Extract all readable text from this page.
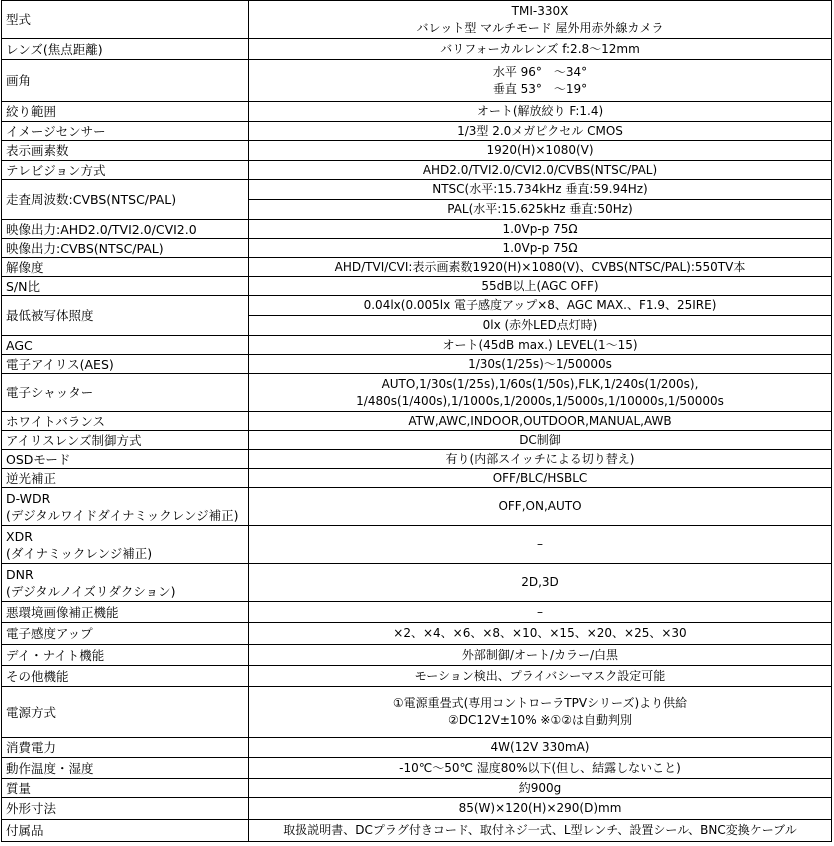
型式	TMI-330X
バレット型 マルチモード 屋外用赤外線カメラ

レンズ(焦点距離)	バリフォーカルレンズ f:2.8～12mm

画角	水平 96°　～34°
垂直 53°　～19°

絞り範囲	オート(解放絞り F:1.4)

イメージセンサー	1/3型 2.0メガピクセル CMOS

表示画素数	1920(H)×1080(V)

テレビジョン方式	AHD2.0/TVI2.0/CVI2.0/CVBS(NTSC/PAL)

走査周波数:CVBS(NTSC/PAL)	NTSC(水平:15.734kHz 垂直:59.94Hz)

	PAL(水平:15.625kHz 垂直:50Hz)

映像出力:AHD2.0/TVI2.0/CVI2.0	1.0Vp-p 75Ω

映像出力:CVBS(NTSC/PAL)	1.0Vp-p 75Ω

解像度	AHD/TVI/CVI:表示画素数1920(H)×1080(V)、CVBS(NTSC/PAL):550TV本

S/N比	55dB以上(AGC OFF)

最低被写体照度	0.04lx(0.005lx 電子感度アップ×8、AGC MAX.、F1.9、25IRE)

	0lx (赤外LED点灯時)

AGC	オート(45dB max.) LEVEL(1～15)

電子アイリス(AES)	1/30s(1/25s)～1/50000s

電子シャッター	AUTO,1/30s(1/25s),1/60s(1/50s),FLK,1/240s(1/200s),
1/480s(1/400s),1/1000s,1/2000s,1/5000s,1/10000s,1/50000s

ホワイトバランス	ATW,AWC,INDOOR,OUTDOOR,MANUAL,AWB

アイリスレンズ制御方式	DC制御

OSDモード	有り(内部スイッチによる切り替え)

逆光補正	OFF/BLC/HSBLC

D-WDR
(デジタルワイドダイナミックレンジ補正)	OFF,ON,AUTO

XDR
(ダイナミックレンジ補正)	–

DNR
(デジタルノイズリダクション)	2D,3D

悪環境画像補正機能	–

電子感度アップ	×2、×4、×6、×8、×10、×15、×20、×25、×30

デイ・ナイト機能	外部制御/オート/カラー/白黒

その他機能	モーション検出、プライバシーマスク設定可能

電源方式	①電源重畳式(専用コントローラTPVシリーズ)より供給
②DC12V±10% ※①②は自動判別

消費電力	4W(12V 330mA)

動作温度・湿度	-10℃～50℃ 湿度80%以下(但し、結露しないこと)

質量	約900g

外形寸法	85(W)×120(H)×290(D)mm

付属品	取扱説明書、DCプラグ付きコード、取付ネジ一式、L型レンチ、設置シール、BNC変換ケーブル
